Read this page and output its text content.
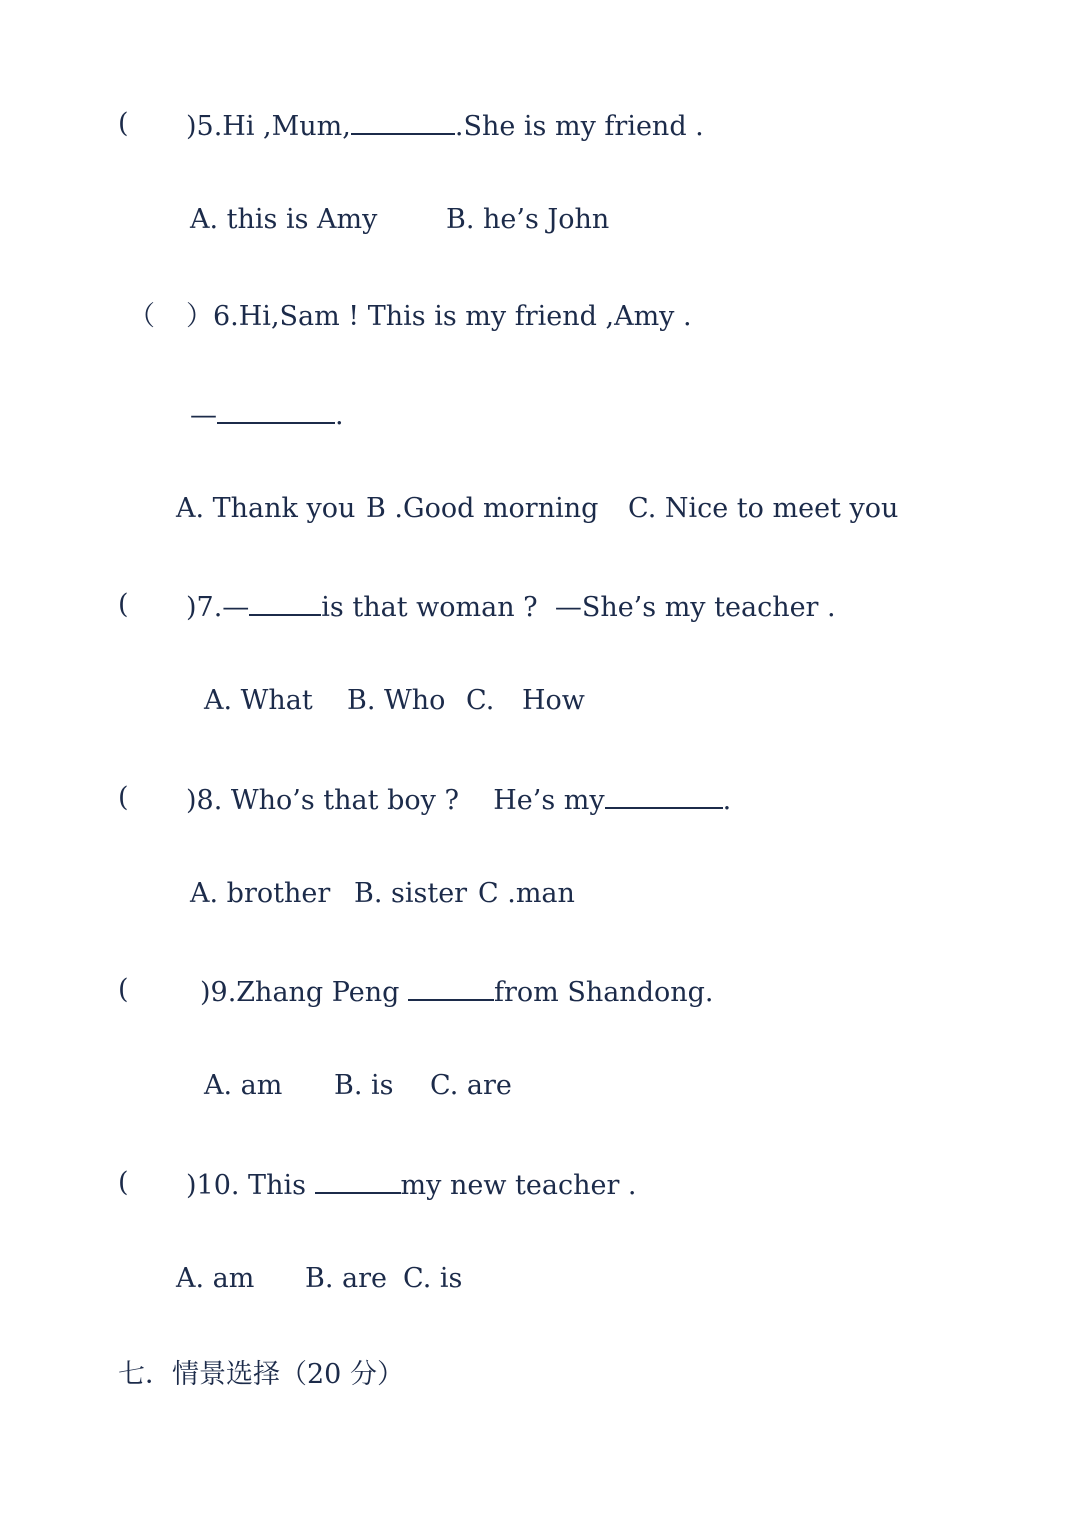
( )5.Hi ,Mum,	.She is my friend .
A. this is Amy	B. he’s John
（ ）6.Hi,Sam ! This is my friend ,Amy .
—	.
A. Thank you B .Good morning C. Nice to meet you
( )7.—	is that woman ?  —She’s my teacher .
A. What B. Who C. How
( )8. Who’s that boy ?    He’s my	.
A. brother B. sister C .man
(	)9.Zhang Peng	from Shandong.
A. am B. is C. are
( )10. This	my new teacher .
A. am B. are C. is
七．情景选择（20 分）
